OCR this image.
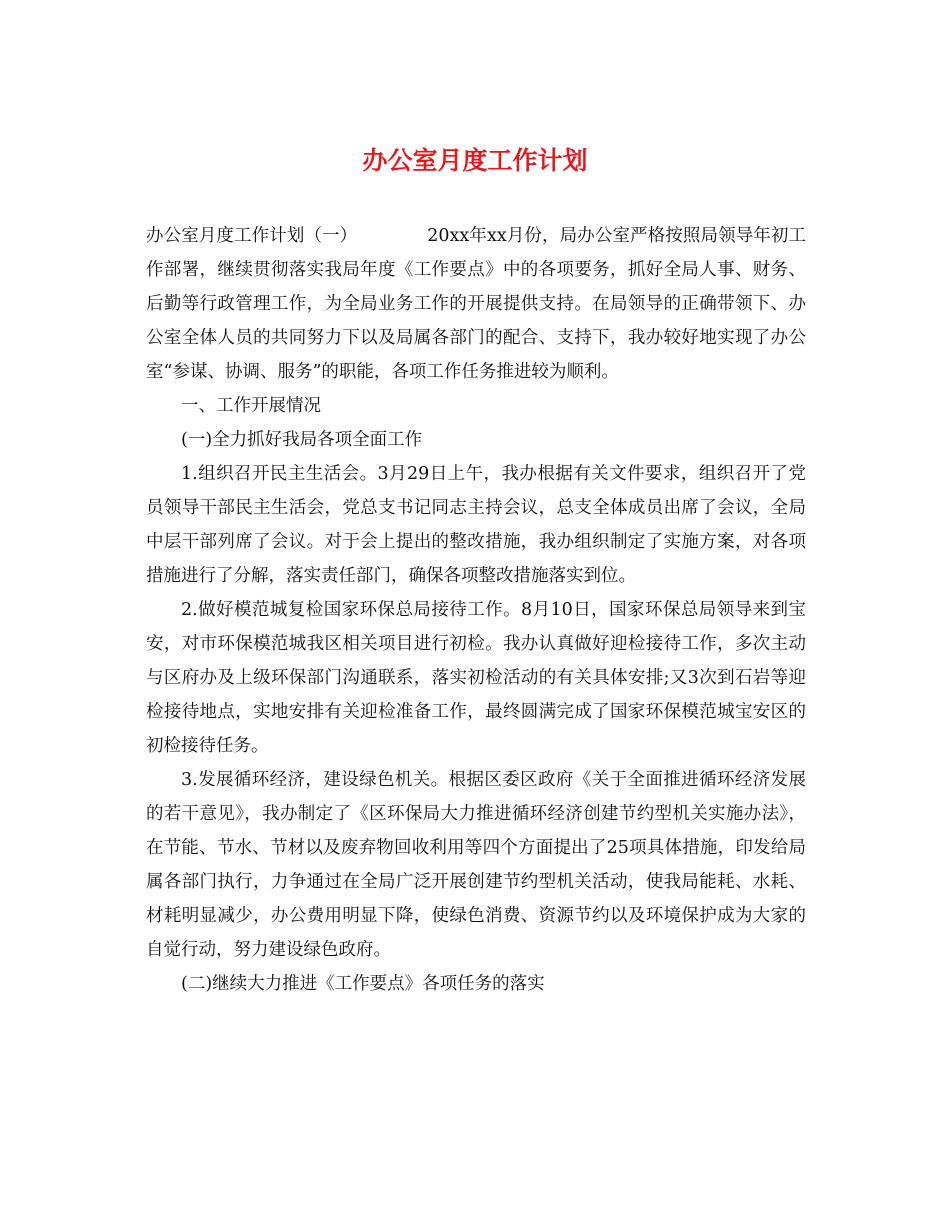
办公室月度工作计划

办公室月度工作计划（一）	20xx年xx月份，局办公室严格按照局领导年初工作部署，继续贯彻落实我局年度《工作要点》中的各项要务，抓好全局人事、财务、后勤等行政管理工作，为全局业务工作的开展提供支持。在局领导的正确带领下、办公室全体人员的共同努力下以及局属各部门的配合、支持下，我办较好地实现了办公室“参谋、协调、服务”的职能，各项工作任务推进较为顺利。

一、工作开展情况

(一)全力抓好我局各项全面工作

1.组织召开民主生活会。3月29日上午，我办根据有关文件要求，组织召开了党员领导干部民主生活会，党总支书记同志主持会议，总支全体成员出席了会议，全局中层干部列席了会议。对于会上提出的整改措施，我办组织制定了实施方案，对各项措施进行了分解，落实责任部门，确保各项整改措施落实到位。

2.做好模范城复检国家环保总局接待工作。8月10日，国家环保总局领导来到宝安，对市环保模范城我区相关项目进行初检。我办认真做好迎检接待工作，多次主动与区府办及上级环保部门沟通联系，落实初检活动的有关具体安排;又3次到石岩等迎检接待地点，实地安排有关迎检准备工作，最终圆满完成了国家环保模范城宝安区的初检接待任务。

3.发展循环经济，建设绿色机关。根据区委区政府《关于全面推进循环经济发展的若干意见》，我办制定了《区环保局大力推进循环经济创建节约型机关实施办法》，在节能、节水、节材以及废弃物回收利用等四个方面提出了25项具体措施，印发给局属各部门执行，力争通过在全局广泛开展创建节约型机关活动，使我局能耗、水耗、材耗明显减少，办公费用明显下降，使绿色消费、资源节约以及环境保护成为大家的自觉行动，努力建设绿色政府。

(二)继续大力推进《工作要点》各项任务的落实
